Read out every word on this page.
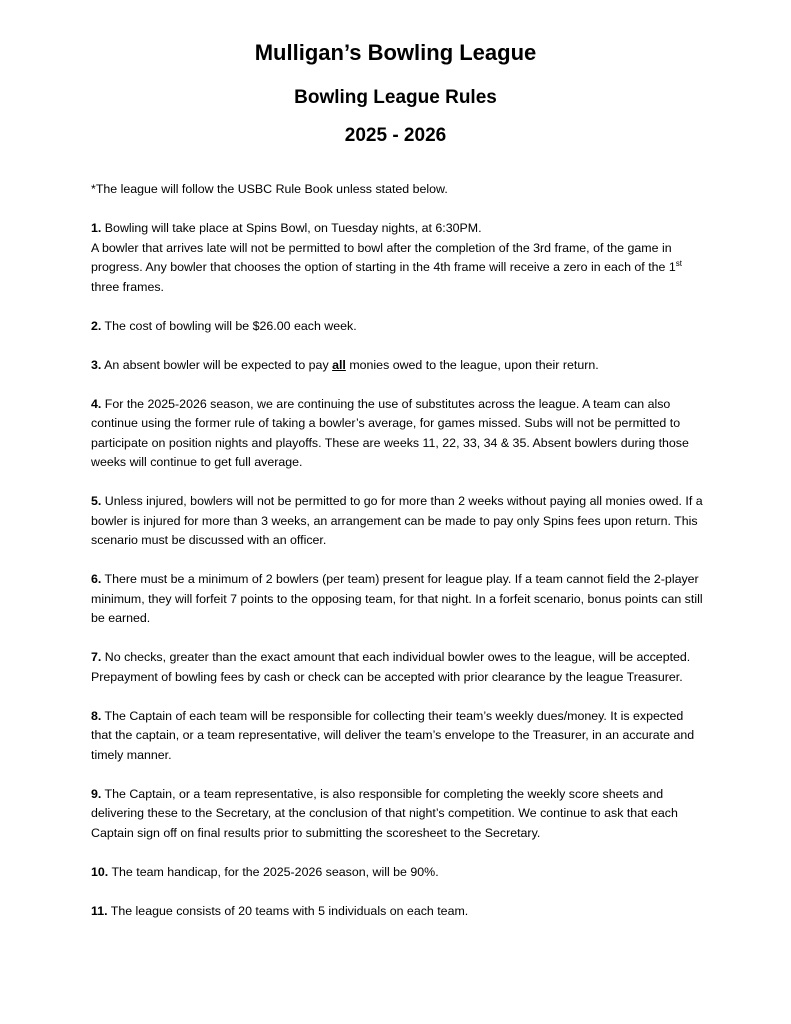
Mulligan’s Bowling League
Bowling League Rules
2025 - 2026

*The league will follow the USBC Rule Book unless stated below.

1. Bowling will take place at Spins Bowl, on Tuesday nights, at 6:30PM.
A bowler that arrives late will not be permitted to bowl after the completion of the 3rd frame, of the game in progress. Any bowler that chooses the option of starting in the 4th frame will receive a zero in each of the 1st three frames.

2. The cost of bowling will be $26.00 each week.

3. An absent bowler will be expected to pay all monies owed to the league, upon their return.

4. For the 2025-2026 season, we are continuing the use of substitutes across the league. A team can also continue using the former rule of taking a bowler’s average, for games missed. Subs will not be permitted to participate on position nights and playoffs. These are weeks 11, 22, 33, 34 & 35. Absent bowlers during those weeks will continue to get full average.

5. Unless injured, bowlers will not be permitted to go for more than 2 weeks without paying all monies owed. If a bowler is injured for more than 3 weeks, an arrangement can be made to pay only Spins fees upon return. This scenario must be discussed with an officer.

6. There must be a minimum of 2 bowlers (per team) present for league play. If a team cannot field the 2-player minimum, they will forfeit 7 points to the opposing team, for that night. In a forfeit scenario, bonus points can still be earned.

7. No checks, greater than the exact amount that each individual bowler owes to the league, will be accepted. Prepayment of bowling fees by cash or check can be accepted with prior clearance by the league Treasurer.

8. The Captain of each team will be responsible for collecting their team’s weekly dues/money. It is expected that the captain, or a team representative, will deliver the team’s envelope to the Treasurer, in an accurate and timely manner.

9. The Captain, or a team representative, is also responsible for completing the weekly score sheets and delivering these to the Secretary, at the conclusion of that night’s competition. We continue to ask that each Captain sign off on final results prior to submitting the scoresheet to the Secretary.

10. The team handicap, for the 2025-2026 season, will be 90%.

11. The league consists of 20 teams with 5 individuals on each team.
